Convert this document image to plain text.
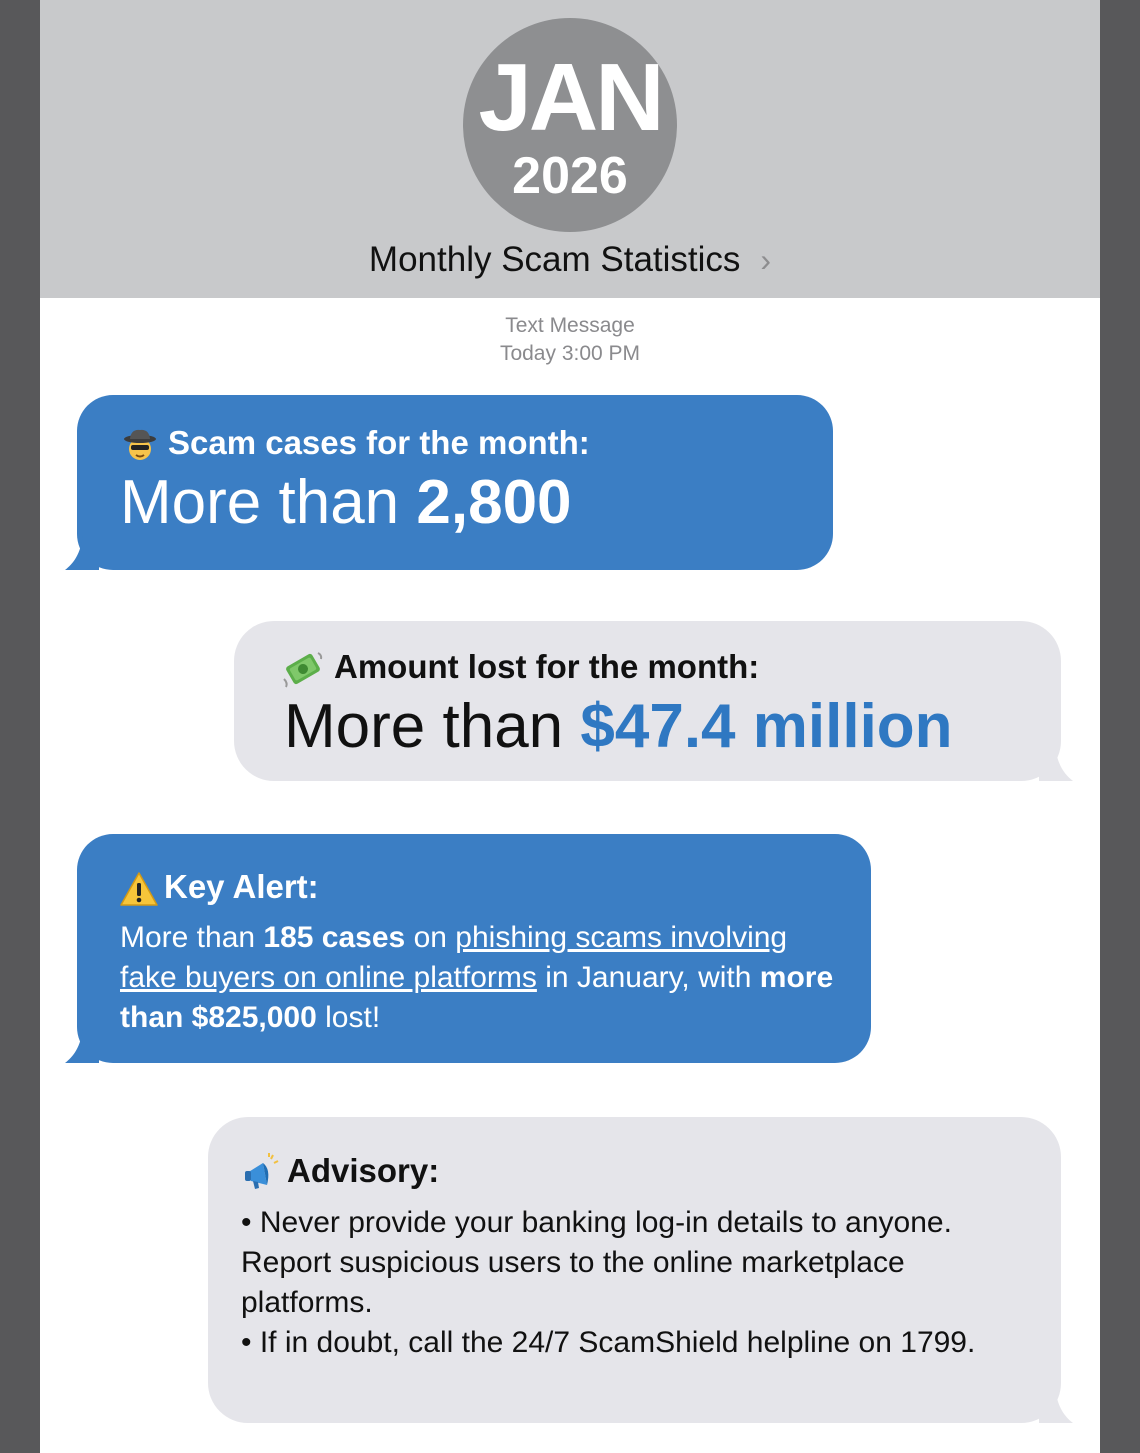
JAN
2026
Monthly Scam Statistics ›
Text Message
Today 3:00 PM
Scam cases for the month:
More than 2,800
Amount lost for the month:
More than $47.4 million
Key Alert:
More than 185 cases on phishing scams involving fake buyers on online platforms in January, with more than $825,000 lost!
Advisory:
• Never provide your banking log-in details to anyone. Report suspicious users to the online marketplace platforms.
• If in doubt, call the 24/7 ScamShield helpline on 1799.
